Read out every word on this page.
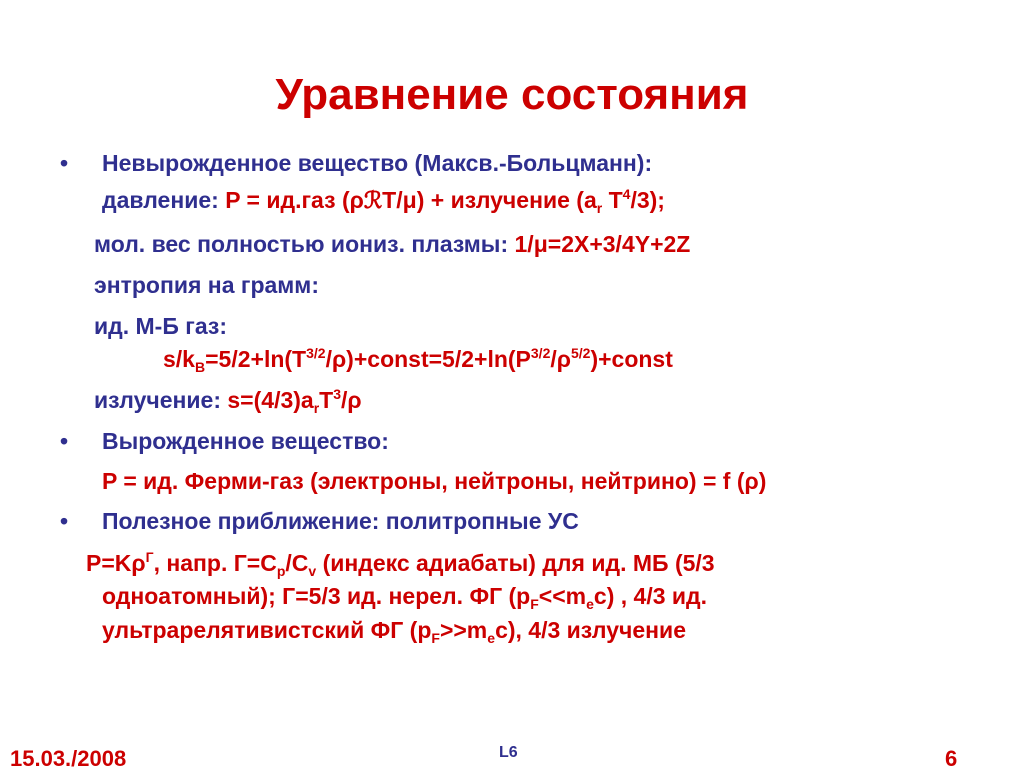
Уравнение состояния
• Невырожденное вещество (Максв.-Больцманн):
давление: P = ид.газ (ρℛT/μ) + излучение ($a_r$ $T^4/3$);
мол. вес полностью иониз. плазмы: 1/μ=2X+3/4Y+2Z
энтропия на грамм:
ид. М-Б газ:
$s/k_B=5/2+\ln(T^{3/2}/\rho)+const=5/2+\ln(P^{3/2}/\rho^{5/2})+const$
излучение: $s=(4/3)a_rT^3/\rho$
• Вырожденное вещество:
P = ид. Ферми-газ (электроны, нейтроны, нейтрино) = f (ρ)
• Полезное приближение: политропные УС
$P=K\rho^Г$, напр. $Г=C_p/C_v$ (индекс адиабаты) для ид. МБ (5/3
одноатомный); Г=5/3 ид. нерел. ФГ $(p_F<<m_ec)$ , 4/3 ид.
ультрарелятивистский ФГ $(p_F>>m_ec)$, 4/3 излучение
15.03./2008	L6	6
